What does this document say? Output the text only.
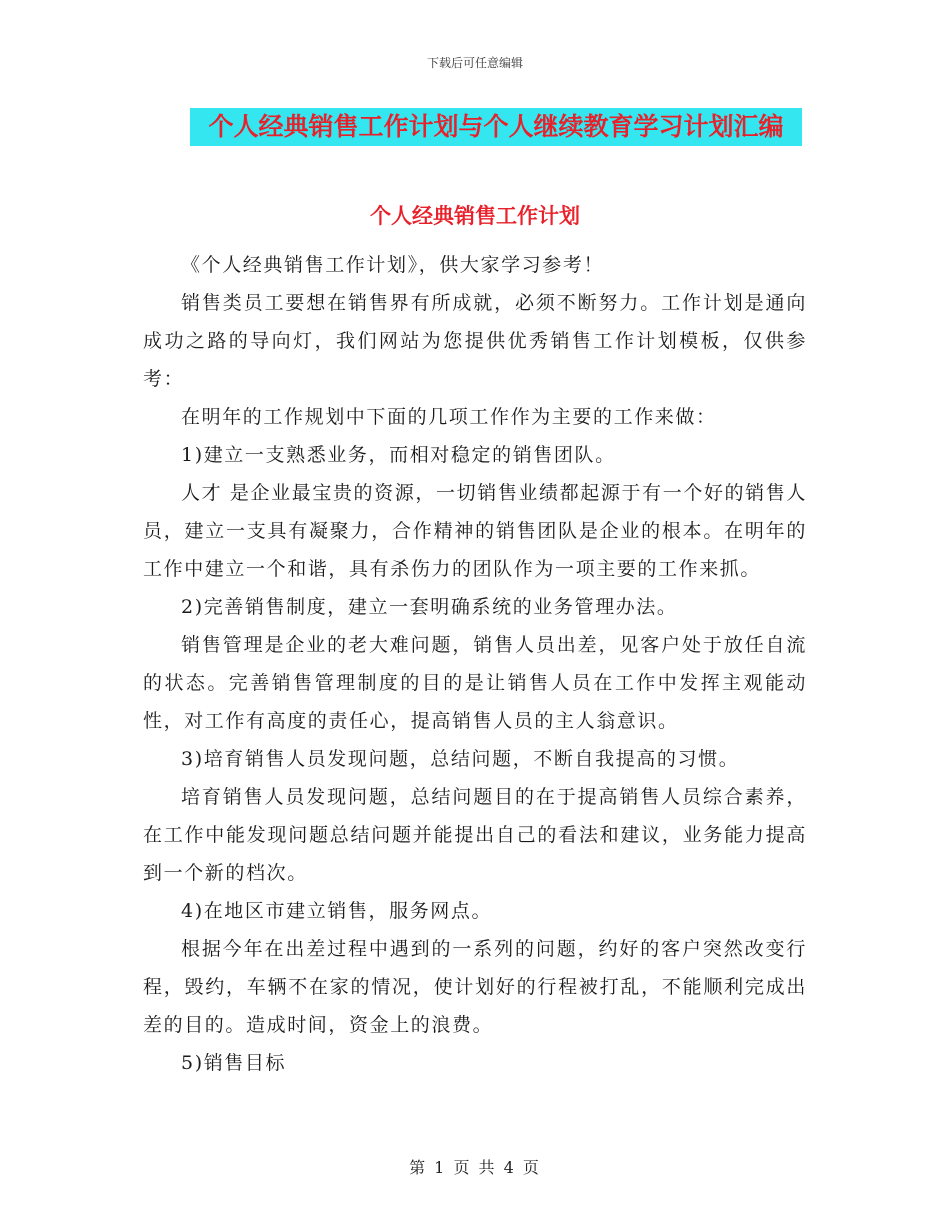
下载后可任意编辑
个人经典销售工作计划与个人继续教育学习计划汇编
个人经典销售工作计划

《个人经典销售工作计划》，供大家学习参考！

销售类员工要想在销售界有所成就，必须不断努力。工作计划是通向成功之路的导向灯，我们网站为您提供优秀销售工作计划模板，仅供参考：

在明年的工作规划中下面的几项工作作为主要的工作来做：

1)建立一支熟悉业务，而相对稳定的销售团队。

人才 是企业最宝贵的资源，一切销售业绩都起源于有一个好的销售人员，建立一支具有凝聚力，合作精神的销售团队是企业的根本。在明年的工作中建立一个和谐，具有杀伤力的团队作为一项主要的工作来抓。

2)完善销售制度，建立一套明确系统的业务管理办法。

销售管理是企业的老大难问题，销售人员出差，见客户处于放任自流的状态。完善销售管理制度的目的是让销售人员在工作中发挥主观能动性，对工作有高度的责任心，提高销售人员的主人翁意识。

3)培育销售人员发现问题，总结问题，不断自我提高的习惯。

培育销售人员发现问题，总结问题目的在于提高销售人员综合素养，在工作中能发现问题总结问题并能提出自己的看法和建议，业务能力提高到一个新的档次。

4)在地区市建立销售，服务网点。

根据今年在出差过程中遇到的一系列的问题，约好的客户突然改变行程，毁约，车辆不在家的情况，使计划好的行程被打乱，不能顺利完成出差的目的。造成时间，资金上的浪费。

5)销售目标

第 1 页 共 4 页
